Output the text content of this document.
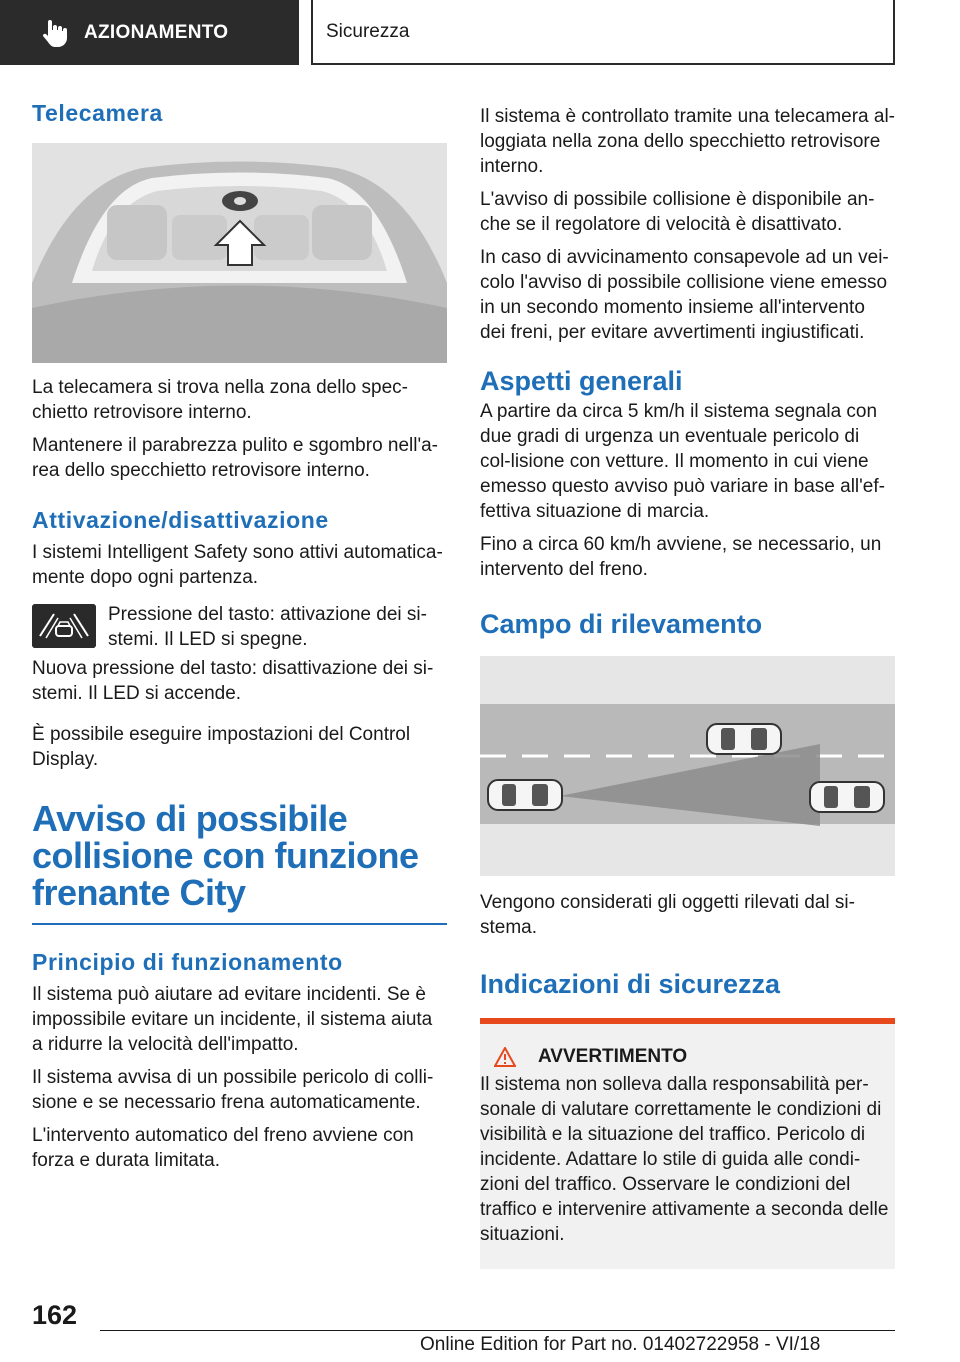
AZIONAMENTO	Sicurezza
Telecamera

La telecamera si trova nella zona dello spec-chietto retrovisore interno.

Mantenere il parabrezza pulito e sgombro nell'a-rea dello specchietto retrovisore interno.

Attivazione/disattivazione

I sistemi Intelligent Safety sono attivi automatica-mente dopo ogni partenza.

Pressione del tasto: attivazione dei si-stemi. Il LED si spegne.

Nuova pressione del tasto: disattivazione dei si-stemi. Il LED si accende.

È possibile eseguire impostazioni del Control Display.

Avviso di possibile collisione con funzione frenante City
Principio di funzionamento

Il sistema può aiutare ad evitare incidenti. Se è impossibile evitare un incidente, il sistema aiuta a ridurre la velocità dell'impatto.

Il sistema avvisa di un possibile pericolo di colli-sione e se necessario frena automaticamente.

L'intervento automatico del freno avviene con forza e durata limitata.

Il sistema è controllato tramite una telecamera al-loggiata nella zona dello specchietto retrovisore interno.

L'avviso di possibile collisione è disponibile an-che se il regolatore di velocità è disattivato.

In caso di avvicinamento consapevole ad un vei-colo l'avviso di possibile collisione viene emesso in un secondo momento insieme all'intervento dei freni, per evitare avvertimenti ingiustificati.

Aspetti generali

A partire da circa 5 km/h il sistema segnala con due gradi di urgenza un eventuale pericolo di col-lisione con vetture. Il momento in cui viene emesso questo avviso può variare in base all'ef-fettiva situazione di marcia.

Fino a circa 60 km/h avviene, se necessario, un intervento del freno.

Campo di rilevamento

Vengono considerati gli oggetti rilevati dal si-stema.

Indicazioni di sicurezza
AVVERTIMENTO

Il sistema non solleva dalla responsabilità per-sonale di valutare correttamente le condizioni di visibilità e la situazione del traffico. Pericolo di incidente. Adattare lo stile di guida alle condi-zioni del traffico. Osservare le condizioni del traffico e intervenire attivamente a seconda delle situazioni.

162
Online Edition for Part no. 01402722958 - VI/18
